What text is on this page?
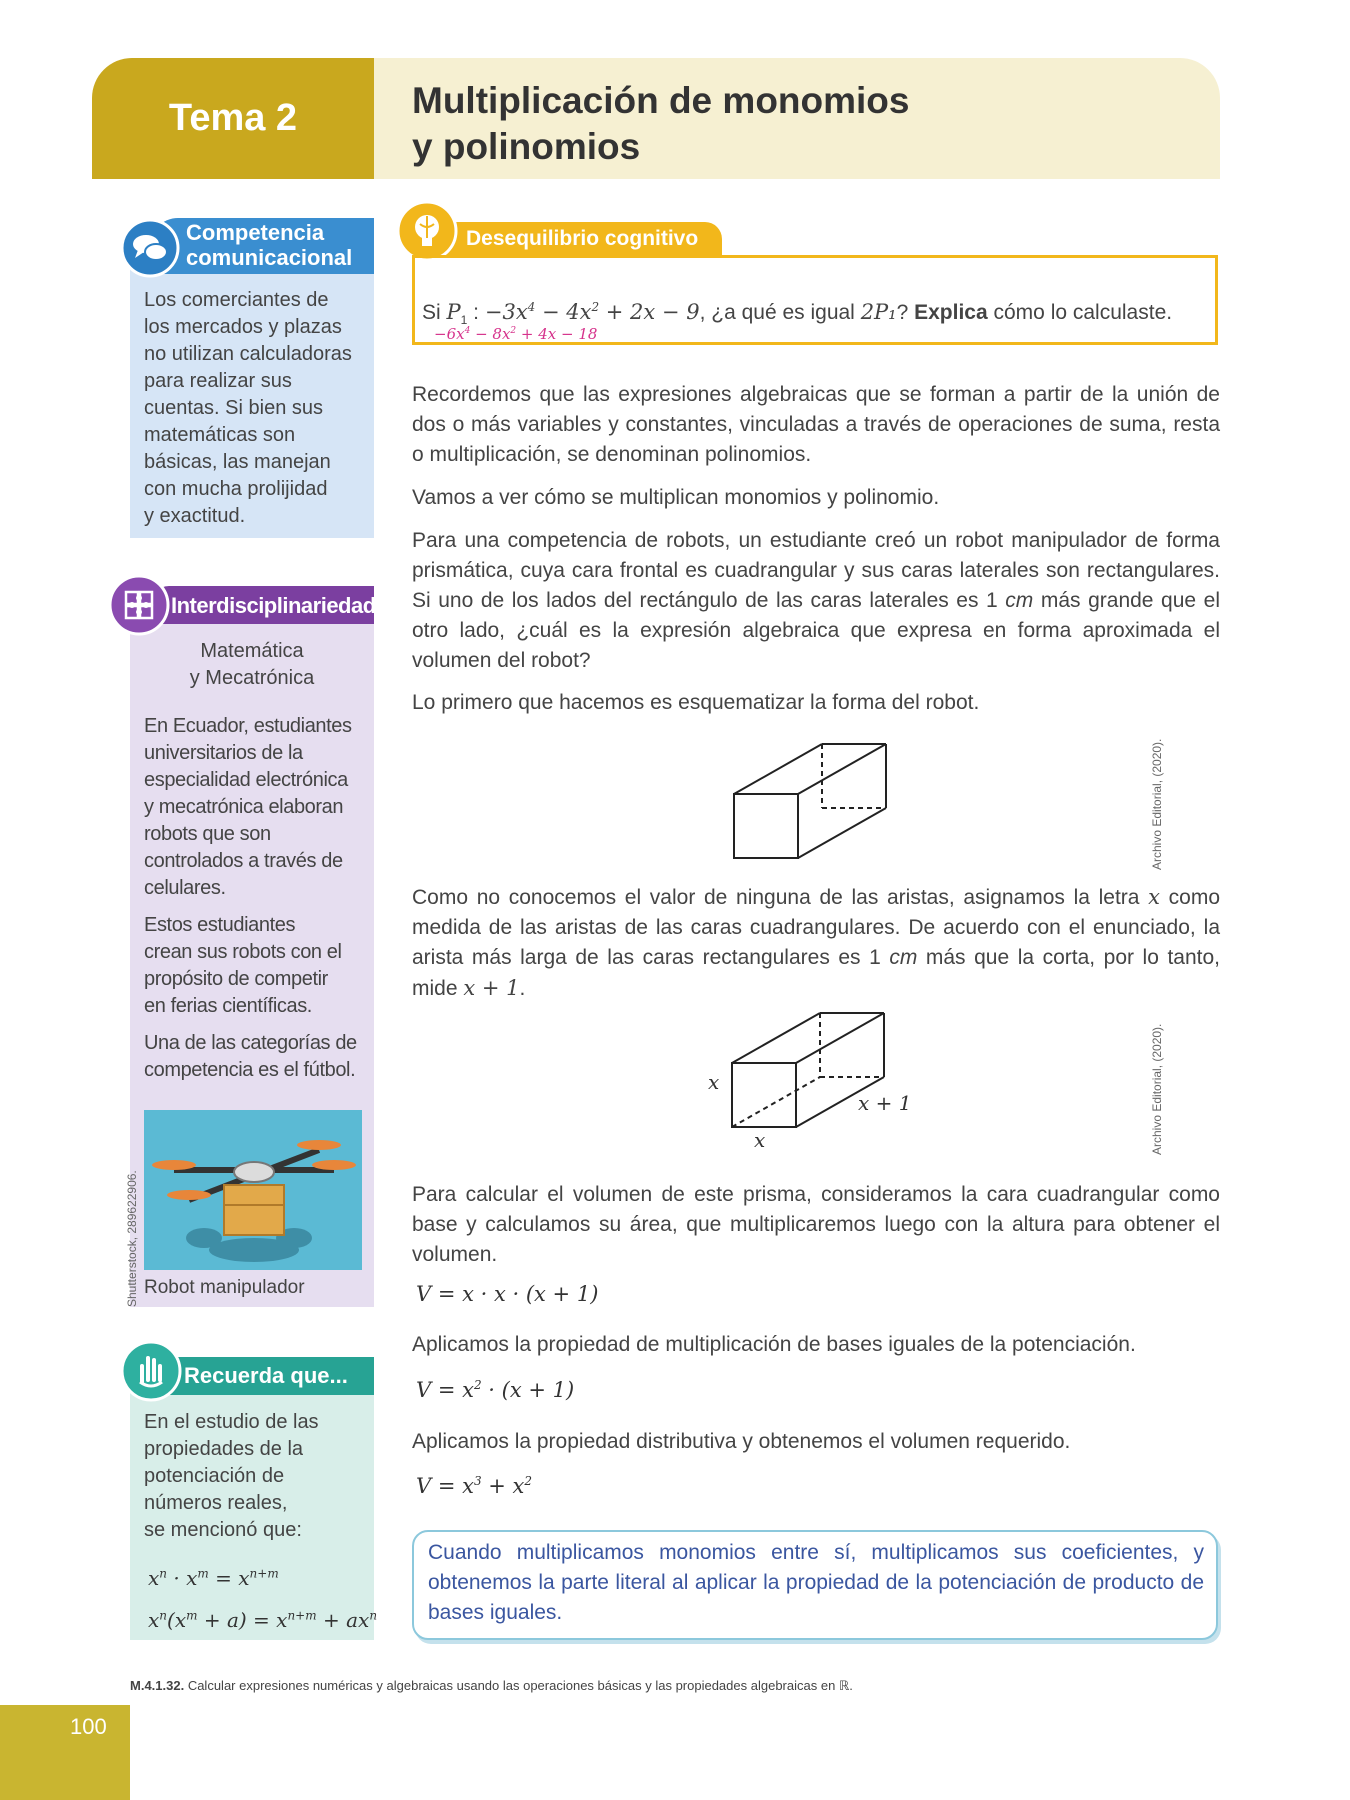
Tema 2	Multiplicación de monomios
y polinomios
Competencia
comunicacional
Los comerciantes de
los mercados y plazas
no utilizan calculadoras
para realizar sus
cuentas. Si bien sus
matemáticas son
básicas, las manejan
con mucha prolijidad
y exactitud.
Interdisciplinariedad
Matemática
y Mecatrónica
En Ecuador, estudiantes
universitarios de la
especialidad electrónica
y mecatrónica elaboran
robots que son
controlados a través de
celulares.
Estos estudiantes
crean sus robots con el
propósito de competir
en ferias científicas.
Una de las categorías de
competencia es el fútbol.
Robot manipulador
Shutterstock, 289622906.
Recuerda que...
En el estudio de las
propiedades de la
potenciación de
números reales,
se mencionó que:
$x^n \cdot x^m = x^{n+m}$
$x^n(x^m + a) = x^{n+m} + ax^n$
Desequilibrio cognitivo
Si $P_1$ : $-3x^4 - 4x^2 + 2x - 9$, ¿a qué es igual 2P₁? Explica cómo lo calculaste.
$-6x^4 - 8x^2 + 4x - 18$

Recordemos que las expresiones algebraicas que se forman a partir de la unión de dos o más variables y constantes, vinculadas a través de operaciones de suma, resta o multiplicación, se denominan polinomios.

Vamos a ver cómo se multiplican monomios y polinomio.

Para una competencia de robots, un estudiante creó un robot manipulador de forma prismática, cuya cara frontal es cuadrangular y sus caras laterales son rectangulares. Si uno de los lados del rectángulo de las caras laterales es 1 cm más grande que el otro lado, ¿cuál es la expresión algebraica que expresa en forma aproximada el volumen del robot?

Lo primero que hacemos es esquematizar la forma del robot.

Archivo Editorial, (2020).

Como no conocemos el valor de ninguna de las aristas, asignamos la letra x como medida de las aristas de las caras cuadrangulares. De acuerdo con el enunciado, la arista más larga de las caras rectangulares es 1 cm más que la corta, por lo tanto, mide x + 1.

x
x
x + 1	Archivo Editorial, (2020).

Para calcular el volumen de este prisma, consideramos la cara cuadrangular como base y calculamos su área, que multiplicaremos luego con la altura para obtener el volumen.

V = x · x · (x + 1)

Aplicamos la propiedad de multiplicación de bases iguales de la potenciación.

$V = x^2 \cdot (x + 1)$

Aplicamos la propiedad distributiva y obtenemos el volumen requerido.

$V = x^3 + x^2$
Cuando multiplicamos monomios entre sí, multiplicamos sus coeficientes, y obtenemos la parte literal al aplicar la propiedad de la potenciación de producto de bases iguales.
M.4.1.32. Calcular expresiones numéricas y algebraicas usando las operaciones básicas y las propiedades algebraicas en ℝ.
100
